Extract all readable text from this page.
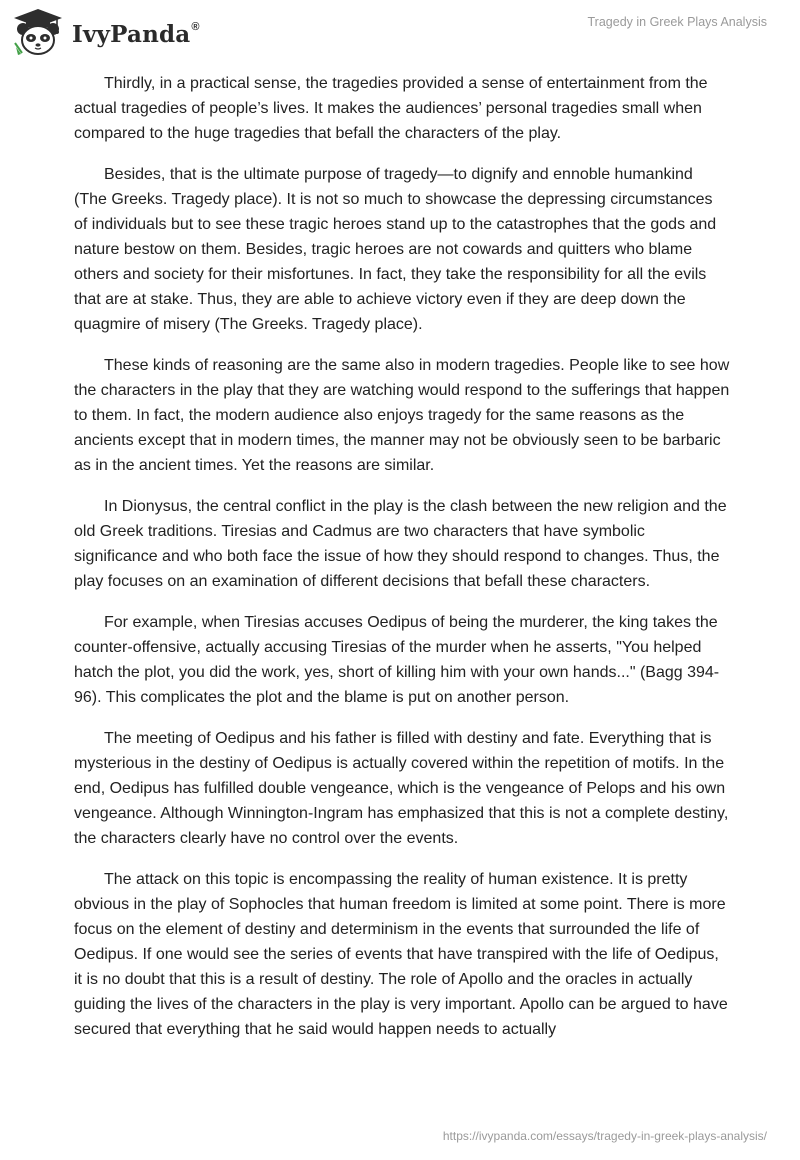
IvyPanda®	Tragedy in Greek Plays Analysis

Thirdly, in a practical sense, the tragedies provided a sense of entertainment from the actual tragedies of people’s lives. It makes the audiences’ personal tragedies small when compared to the huge tragedies that befall the characters of the play.

Besides, that is the ultimate purpose of tragedy—to dignify and ennoble humankind (The Greeks. Tragedy place). It is not so much to showcase the depressing circumstances of individuals but to see these tragic heroes stand up to the catastrophes that the gods and nature bestow on them. Besides, tragic heroes are not cowards and quitters who blame others and society for their misfortunes. In fact, they take the responsibility for all the evils that are at stake. Thus, they are able to achieve victory even if they are deep down the quagmire of misery (The Greeks. Tragedy place).

These kinds of reasoning are the same also in modern tragedies. People like to see how the characters in the play that they are watching would respond to the sufferings that happen to them. In fact, the modern audience also enjoys tragedy for the same reasons as the ancients except that in modern times, the manner may not be obviously seen to be barbaric as in the ancient times. Yet the reasons are similar.

In Dionysus, the central conflict in the play is the clash between the new religion and the old Greek traditions. Tiresias and Cadmus are two characters that have symbolic significance and who both face the issue of how they should respond to changes. Thus, the play focuses on an examination of different decisions that befall these characters.

For example, when Tiresias accuses Oedipus of being the murderer, the king takes the counter-offensive, actually accusing Tiresias of the murder when he asserts, "You helped hatch the plot, you did the work, yes, short of killing him with your own hands..." (Bagg 394-96). This complicates the plot and the blame is put on another person.

The meeting of Oedipus and his father is filled with destiny and fate. Everything that is mysterious in the destiny of Oedipus is actually covered within the repetition of motifs. In the end, Oedipus has fulfilled double vengeance, which is the vengeance of Pelops and his own vengeance. Although Winnington-Ingram has emphasized that this is not a complete destiny, the characters clearly have no control over the events.

The attack on this topic is encompassing the reality of human existence. It is pretty obvious in the play of Sophocles that human freedom is limited at some point. There is more focus on the element of destiny and determinism in the events that surrounded the life of Oedipus. If one would see the series of events that have transpired with the life of Oedipus, it is no doubt that this is a result of destiny. The role of Apollo and the oracles in actually guiding the lives of the characters in the play is very important. Apollo can be argued to have secured that everything that he said would happen needs to actually

https://ivypanda.com/essays/tragedy-in-greek-plays-analysis/
